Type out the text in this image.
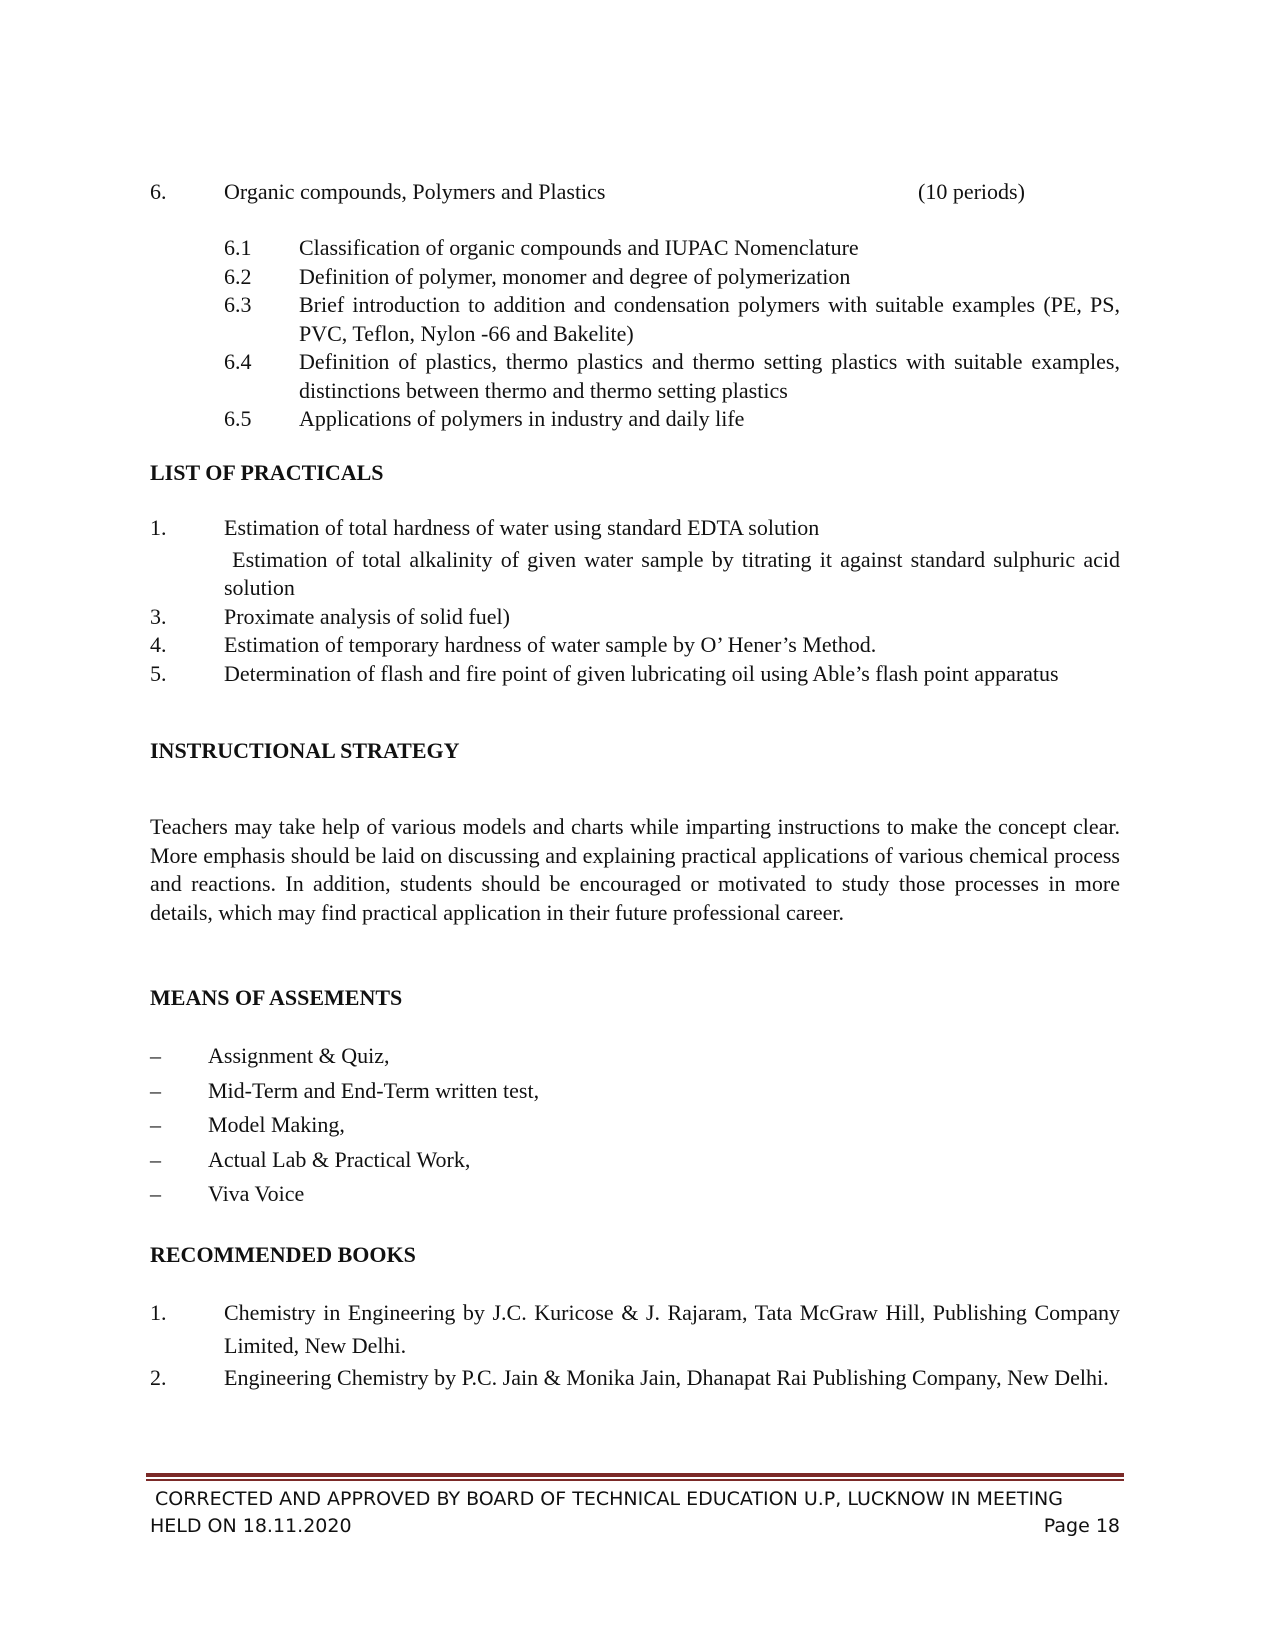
6.	Organic compounds, Polymers and Plastics	(10 periods)
6.1	Classification of organic compounds and IUPAC Nomenclature
6.2	Definition of polymer, monomer and degree of polymerization
6.3	Brief introduction to addition and condensation polymers with suitable examples (PE, PS, PVC, Teflon, Nylon -66 and Bakelite)
6.4	Definition of plastics, thermo plastics and thermo setting plastics with suitable examples, distinctions between thermo and thermo setting plastics
6.5	Applications of polymers in industry and daily life
LIST OF PRACTICALS
1.	Estimation of total hardness of water using standard EDTA solution
Estimation of total alkalinity of given water sample by titrating it against standard sulphuric acid solution
3.	Proximate analysis of solid fuel)
4.	Estimation of temporary hardness of water sample by O’ Hener’s Method.
5.	Determination of flash and fire point of given lubricating oil using Able’s flash point apparatus
INSTRUCTIONAL STRATEGY
Teachers may take help of various models and charts while imparting instructions to make the concept clear. More emphasis should be laid on discussing and explaining practical applications of various chemical process and reactions. In addition, students should be encouraged or motivated to study those processes in more details, which may find practical application in their future professional career.
MEANS OF ASSEMENTS
–	Assignment & Quiz,
–	Mid-Term and End-Term written test,
–	Model Making,
–	Actual Lab & Practical Work,
–	Viva Voice
RECOMMENDED BOOKS
1.	Chemistry in Engineering by J.C. Kuricose & J. Rajaram, Tata McGraw Hill, Publishing Company Limited, New Delhi.
2.	Engineering Chemistry by P.C. Jain & Monika Jain, Dhanapat Rai Publishing Company, New Delhi.
CORRECTED AND APPROVED BY BOARD OF TECHNICAL EDUCATION U.P, LUCKNOW IN MEETING
HELD ON 18.11.2020	Page 18
